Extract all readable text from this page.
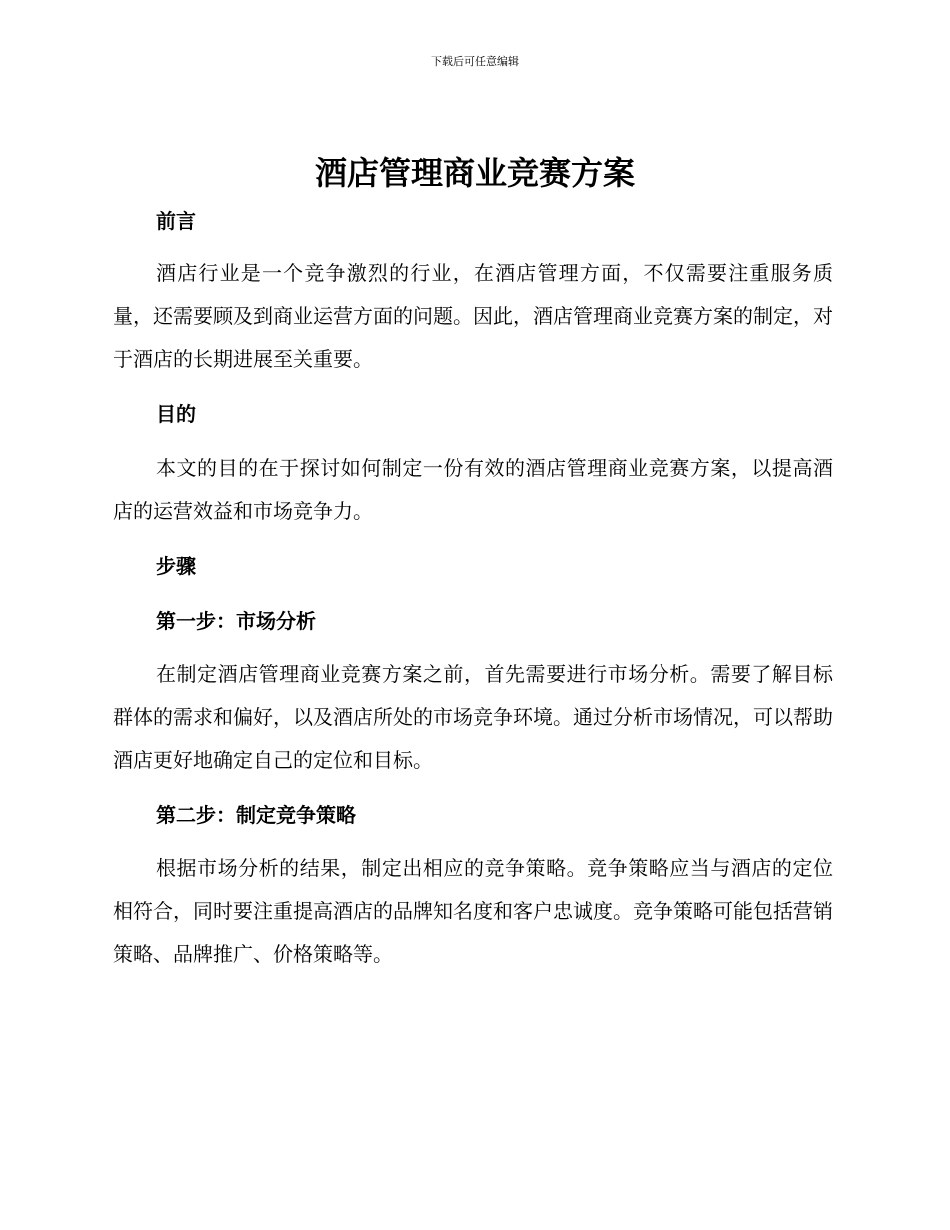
下载后可任意编辑
酒店管理商业竞赛方案
前言

酒店行业是一个竞争激烈的行业，在酒店管理方面，不仅需要注重服务质量，还需要顾及到商业运营方面的问题。因此，酒店管理商业竞赛方案的制定，对于酒店的长期进展至关重要。

目的

本文的目的在于探讨如何制定一份有效的酒店管理商业竞赛方案，以提高酒店的运营效益和市场竞争力。

步骤
第一步：市场分析

在制定酒店管理商业竞赛方案之前，首先需要进行市场分析。需要了解目标群体的需求和偏好，以及酒店所处的市场竞争环境。通过分析市场情况，可以帮助酒店更好地确定自己的定位和目标。

第二步：制定竞争策略

根据市场分析的结果，制定出相应的竞争策略。竞争策略应当与酒店的定位相符合，同时要注重提高酒店的品牌知名度和客户忠诚度。竞争策略可能包括营销策略、品牌推广、价格策略等。
